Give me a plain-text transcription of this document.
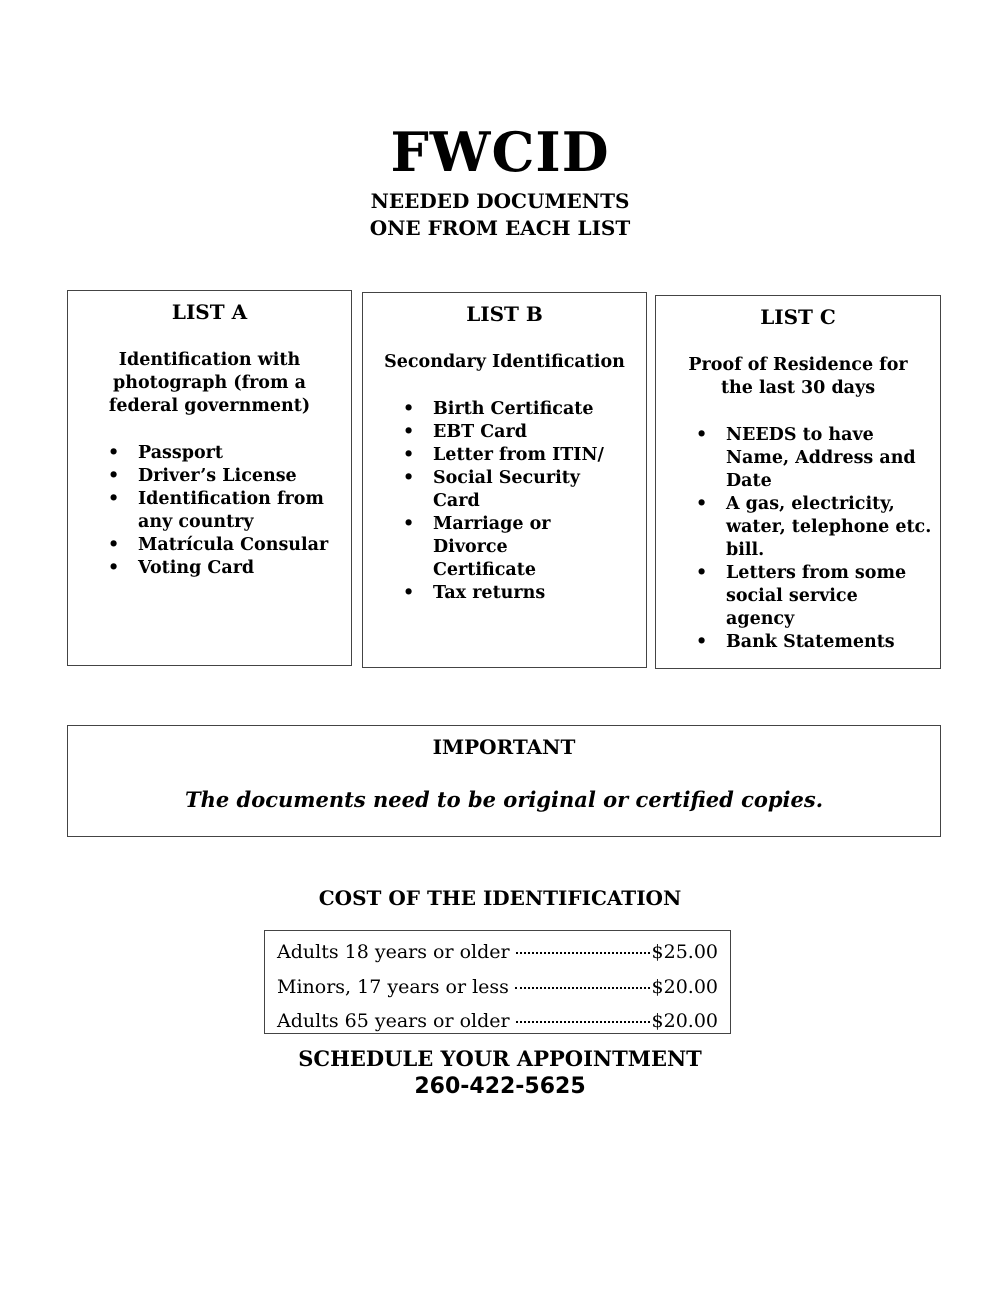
FWCID
NEEDED DOCUMENTS
ONE FROM EACH LIST
LIST A
Identification with photograph (from a federal government)
• Passport
• Driver’s License
• Identification from any country
• Matrícula Consular
• Voting Card
LIST B
Secondary Identification
• Birth Certificate
• EBT Card
• Letter from ITIN/
• Social Security Card
• Marriage or Divorce Certificate
• Tax returns
LIST C
Proof of Residence for the last 30 days
• NEEDS to have Name, Address and Date
• A gas, electricity, water, telephone etc. bill.
• Letters from some social service agency
• Bank Statements
IMPORTANT
The documents need to be original or certified copies.
COST OF THE IDENTIFICATION
Adults 18 years or older	$25.00
Minors, 17 years or less	$20.00
Adults 65 years or older	$20.00
SCHEDULE YOUR APPOINTMENT
260-422-5625
